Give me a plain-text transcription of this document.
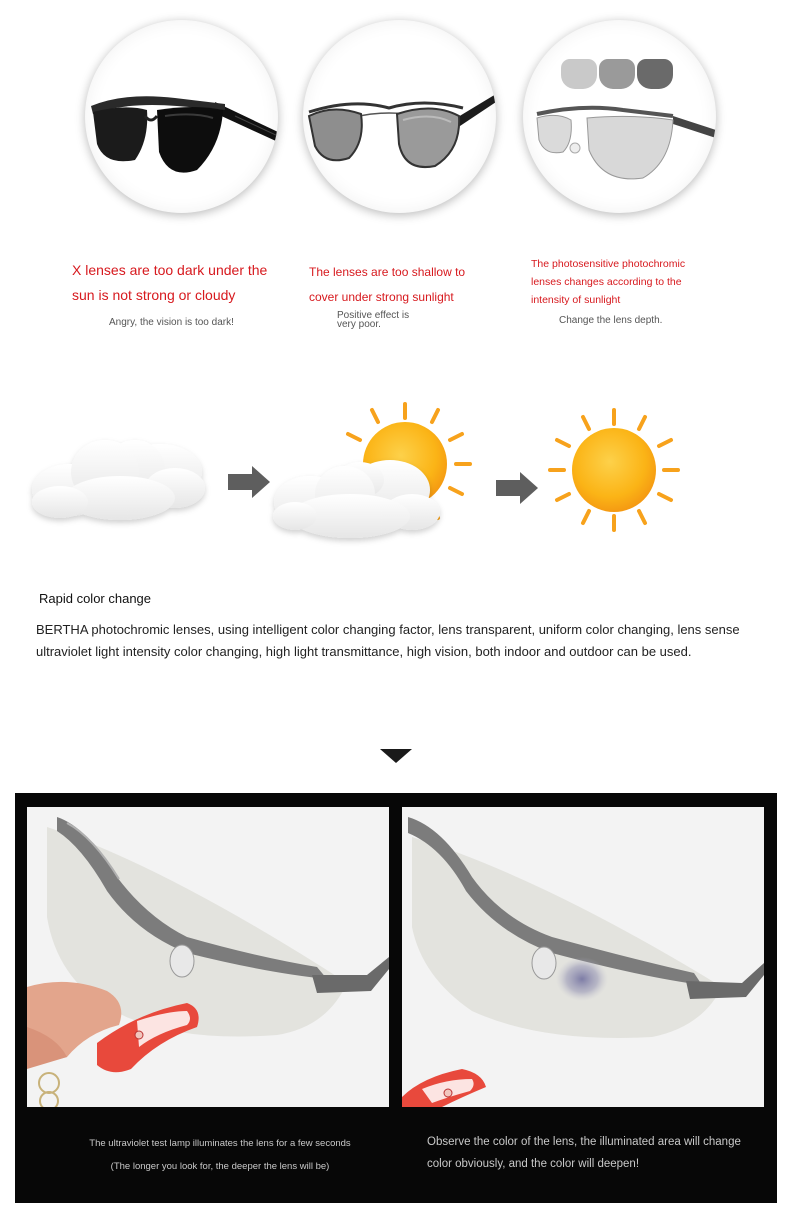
X lenses are too dark under the sun is not strong or cloudy
The lenses are too shallow to cover under strong sunlight
The photosensitive photochromic lenses changes according to the intensity of sunlight
Angry, the vision is too dark!
Positive effect is very poor.	Change the lens depth.
Rapid color change
BERTHA photochromic lenses, using intelligent color changing factor, lens transparent, uniform color changing, lens sense ultraviolet light intensity color changing, high light transmittance, high vision, both indoor and outdoor can be used.
The ultraviolet test lamp illuminates the lens for a few seconds
(The longer you look for, the deeper the lens will be)
Observe the color of the lens, the illuminated area will change color obviously, and the color will deepen!
